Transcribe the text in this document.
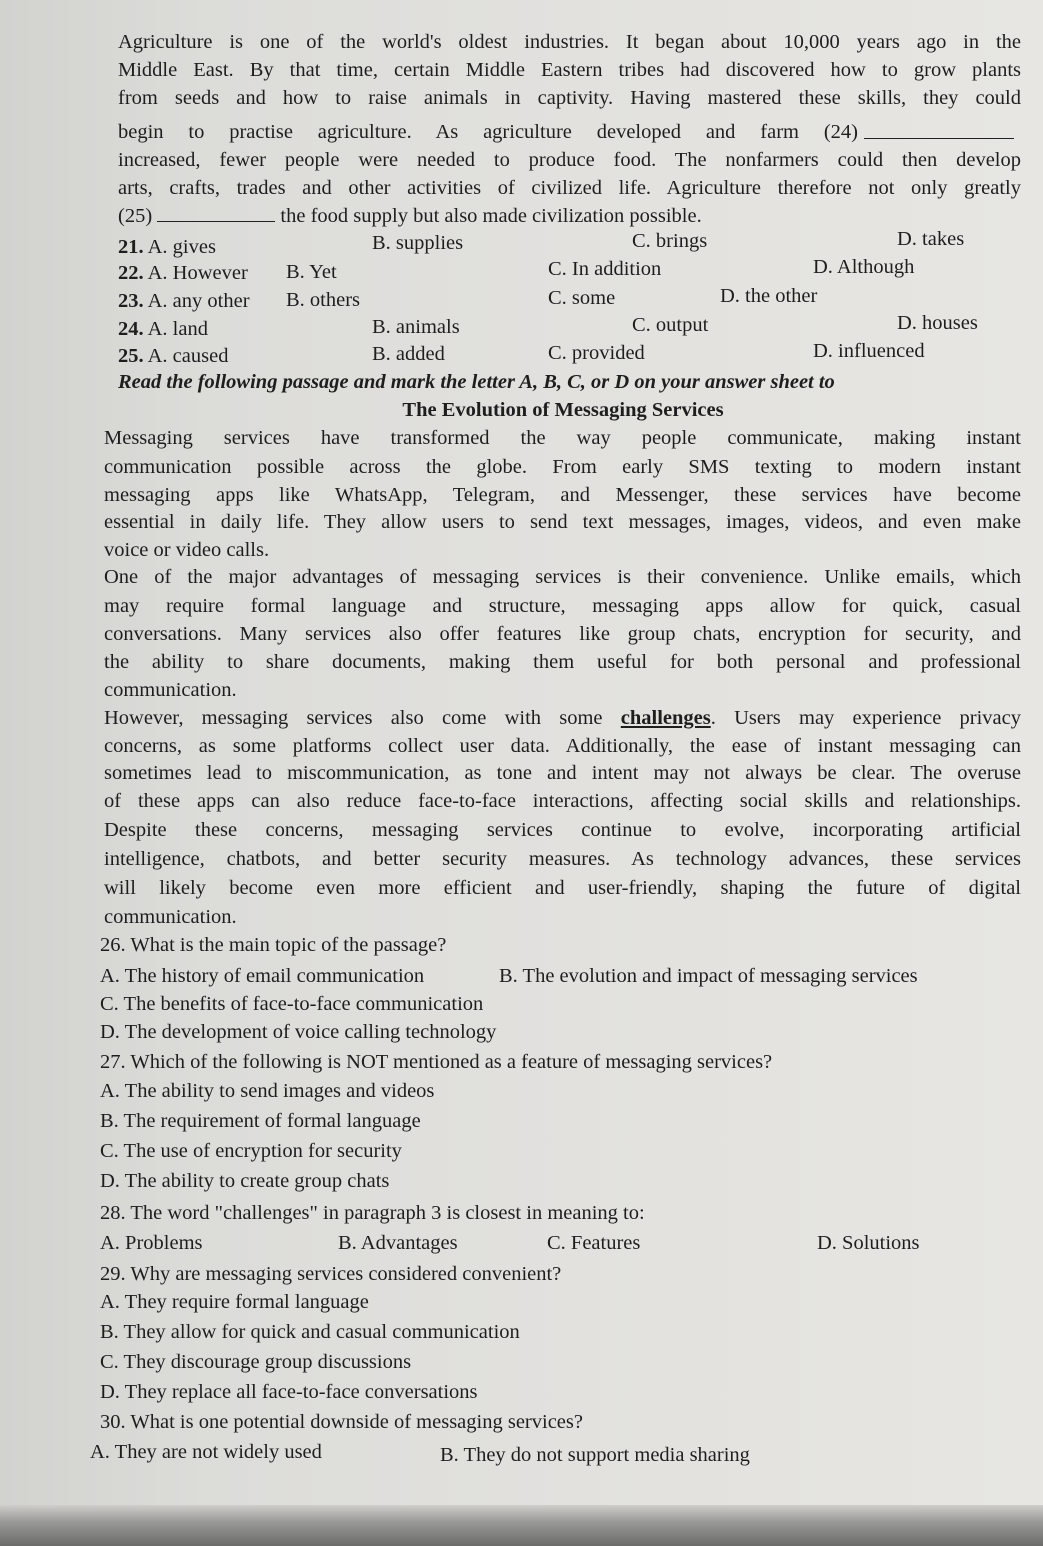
Agriculture is one of the world's oldest industries. It began about 10,000 years ago in the
Middle East. By that time, certain Middle Eastern tribes had discovered how to grow plants
from seeds and how to raise animals in captivity. Having mastered these skills, they could
begin to practise agriculture. As agriculture developed and farm (24)
increased, fewer people were needed to produce food. The nonfarmers could then develop
arts, crafts, trades and other activities of civilized life. Agriculture therefore not only greatly
(25)	the food supply but also made civilization possible.
21. A. gives	B. supplies	C. brings	D. takes
22. A. However B. Yet	C. In addition	D. Although
23. A. any other B. others	C. some	D. the other
24. A. land	B. animals	C. output	D. houses
25. A. caused	B. added	C. provided	D. influenced
Read the following passage and mark the letter A, B, C, or D on your answer sheet to
The Evolution of Messaging Services
Messaging services have transformed the way people communicate, making instant
communication possible across the globe. From early SMS texting to modern instant
messaging apps like WhatsApp, Telegram, and Messenger, these services have become
essential in daily life. They allow users to send text messages, images, videos, and even make
voice or video calls.
One of the major advantages of messaging services is their convenience. Unlike emails, which
may require formal language and structure, messaging apps allow for quick, casual
conversations. Many services also offer features like group chats, encryption for security, and
the ability to share documents, making them useful for both personal and professional
communication.
However, messaging services also come with some challenges. Users may experience privacy
concerns, as some platforms collect user data. Additionally, the ease of instant messaging can
sometimes lead to miscommunication, as tone and intent may not always be clear. The overuse
of these apps can also reduce face-to-face interactions, affecting social skills and relationships.
Despite these concerns, messaging services continue to evolve, incorporating artificial
intelligence, chatbots, and better security measures. As technology advances, these services
will likely become even more efficient and user-friendly, shaping the future of digital
communication.
26. What is the main topic of the passage?
A. The history of email communication	B. The evolution and impact of messaging services
C. The benefits of face-to-face communication
D. The development of voice calling technology
27. Which of the following is NOT mentioned as a feature of messaging services?
A. The ability to send images and videos
B. The requirement of formal language
C. The use of encryption for security
D. The ability to create group chats
28. The word "challenges" in paragraph 3 is closest in meaning to:
A. Problems	B. Advantages	C. Features	D. Solutions
29. Why are messaging services considered convenient?
A. They require formal language
B. They allow for quick and casual communication
C. They discourage group discussions
D. They replace all face-to-face conversations
30. What is one potential downside of messaging services?
A. They are not widely used	B. They do not support media sharing
